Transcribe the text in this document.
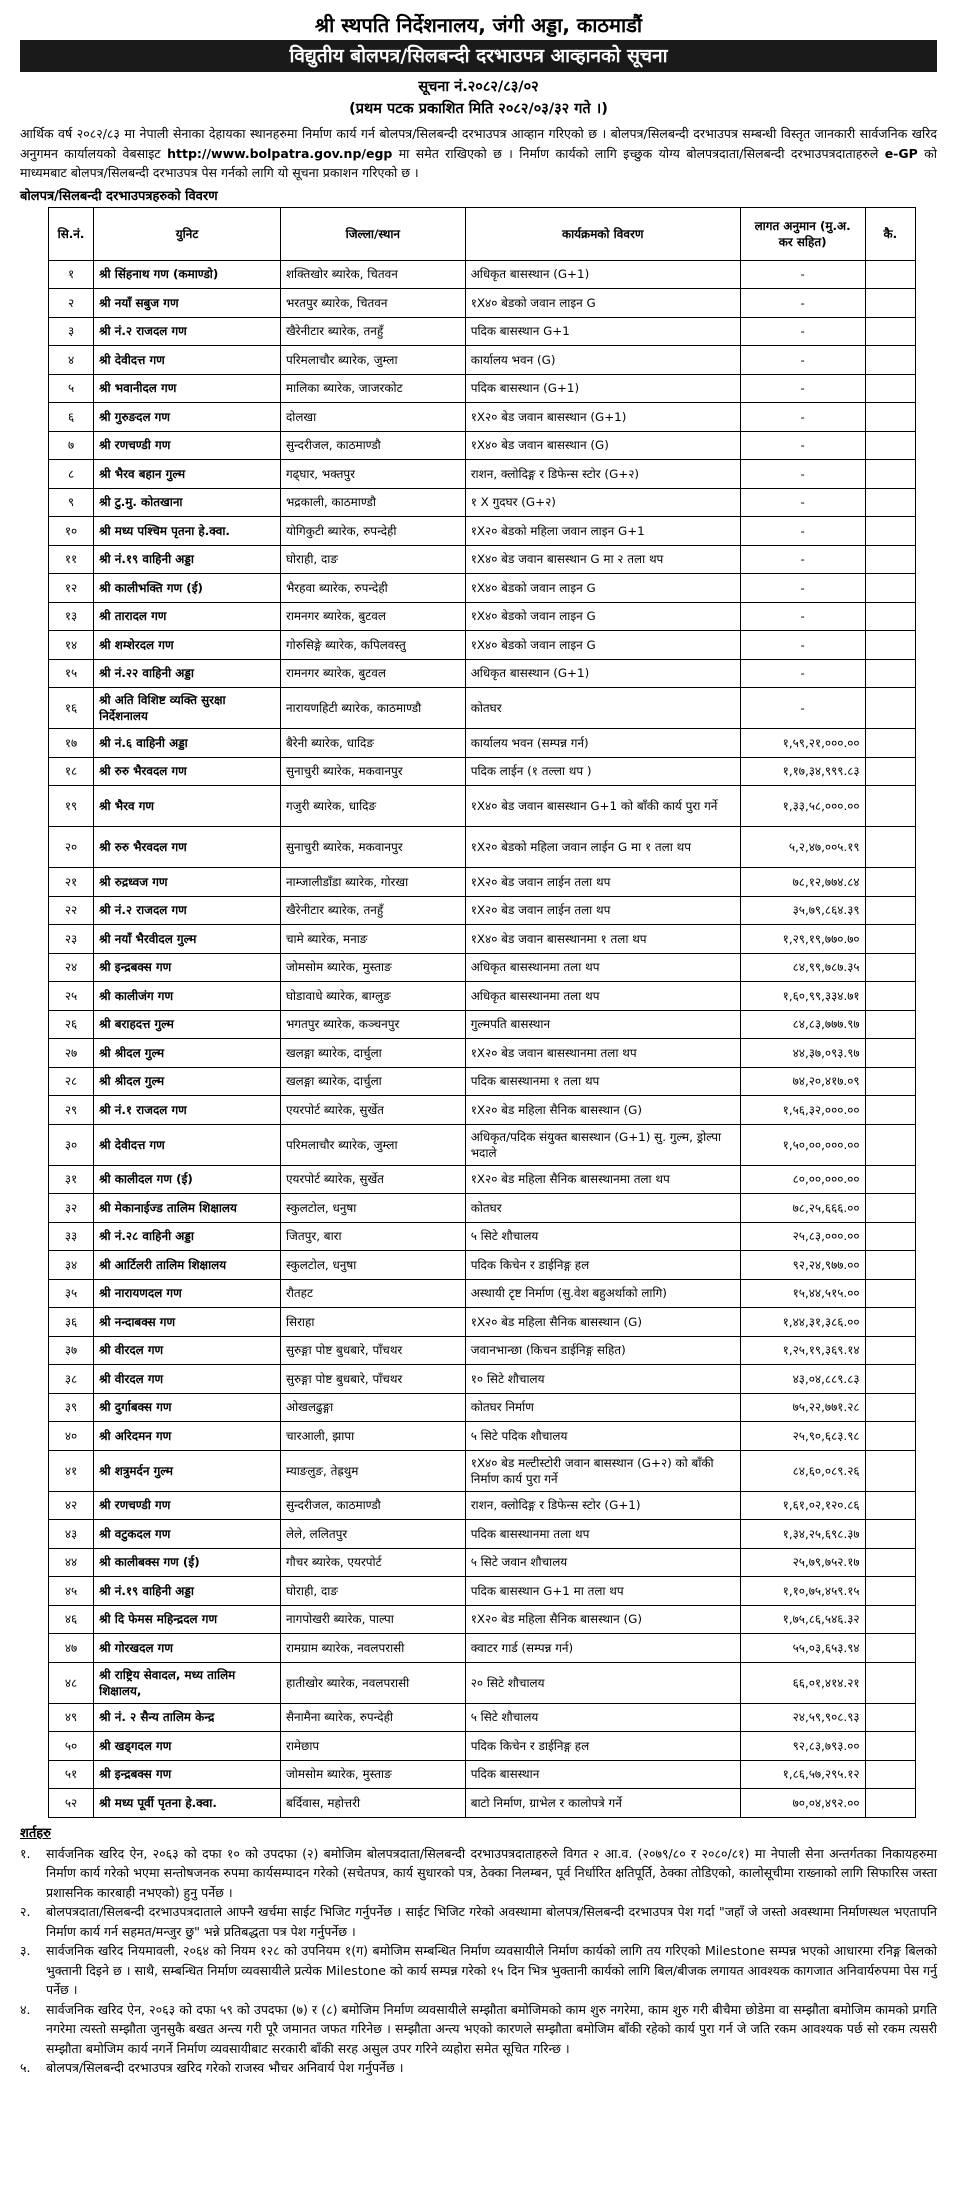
श्री स्थपति निर्देशनालय, जंगी अड्डा, काठमाडौं
विद्युतीय बोलपत्र/सिलबन्दी दरभाउपत्र आव्हानको सूचना
सूचना नं.२०८२/८३/०२
(प्रथम पटक प्रकाशित मिति २०८२/०३/३२ गते ।)
आर्थिक वर्ष २०८२/८३ मा नेपाली सेनाका देहायका स्थानहरुमा निर्माण कार्य गर्न बोलपत्र/सिलबन्दी दरभाउपत्र आव्हान गरिएको छ । बोलपत्र/सिलबन्दी दरभाउपत्र सम्बन्धी विस्तृत जानकारी सार्वजनिक खरिद अनुगमन कार्यालयको वेबसाइट http://www.bolpatra.gov.np/egp मा समेत राखिएको छ । निर्माण कार्यको लागि इच्छुक योग्य बोलपत्रदाता/सिलबन्दी दरभाउपत्रदाताहरुले e-GP को माध्यमबाट बोलपत्र/सिलबन्दी दरभाउपत्र पेस गर्नको लागि यो सूचना प्रकाशन गरिएको छ ।
बोलपत्र/सिलबन्दी दरभाउपत्रहरुको विवरण
सि.नं.	युनिट	जिल्ला/स्थान	कार्यक्रमको विवरण	लागत अनुमान (मु.अ. कर सहित)	कै.
१	श्री सिंहनाथ गण (कमाण्डो)	शक्तिखोर ब्यारेक, चितवन	अधिकृत बासस्थान (G+1)	-	
२	श्री नयाँ सबुज गण	भरतपुर ब्यारेक, चितवन	१X४० बेडको जवान लाइन G	-	
३	श्री नं.२ राजदल गण	खैरेनीटार ब्यारेक, तनहुँ	पदिक बासस्थान G+1	-	
४	श्री देवीदत्त गण	परिमलाचौर ब्यारेक, जुम्ला	कार्यालय भवन (G)	-	
५	श्री भवानीदल गण	मालिका ब्यारेक, जाजरकोट	पदिक बासस्थान (G+1)	-	
६	श्री गुरुङदल गण	दोलखा	१X२० बेड जवान बासस्थान (G+1)	-	
७	श्री रणचण्डी गण	सुन्दरीजल, काठमाण्डौ	१X४० बेड जवान बासस्थान (G)	-	
८	श्री भैरव बहान गुल्म	गढ्घार, भक्तपुर	राशन, क्लोदिङ्ग र डिफेन्स स्टोर (G+२)	-	
९	श्री टु.मु. कोतखाना	भद्रकाली, काठमाण्डौ	१ X गुदघर (G+२)	-	
१०	श्री मध्य पश्चिम पृतना हे.क्वा.	योगिकुटी ब्यारेक, रुपन्देही	१X२० बेडको महिला जवान लाइन G+1	-	
११	श्री नं.१९ वाहिनी अड्डा	घोराही, दाङ	१X४० बेड जवान बासस्थान G मा २ तला थप	-	
१२	श्री कालीभक्ति गण (ई)	भैरहवा ब्यारेक, रुपन्देही	१X४० बेडको जवान लाइन G	-	
१३	श्री तारादल गण	रामनगर ब्यारेक, बुटवल	१X४० बेडको जवान लाइन G	-	
१४	श्री शम्शेरदल गण	गोरुसिङ्गे ब्यारेक, कपिलवस्तु	१X४० बेडको जवान लाइन G	-	
१५	श्री नं.२२ वाहिनी अड्डा	रामनगर ब्यारेक, बुटवल	अधिकृत बासस्थान (G+1)	-	
१६	श्री अति विशिष्ट व्यक्ति सुरक्षा निर्देशनालय	नारायणहिटी ब्यारेक, काठमाण्डौ	कोतघर	-	
१७	श्री नं.६ वाहिनी अड्डा	बैरेनी ब्यारेक, धादिङ	कार्यालय भवन (सम्पन्न गर्न)	१,५९,२१,०००.००	
१८	श्री रुरु भैरवदल गण	सुनाचुरी ब्यारेक, मकवानपुर	पदिक लाईन (१ तल्ला थप )	१,१७,३४,९९९.८३	
१९	श्री भैरव गण	गजुरी ब्यारेक, धादिङ	१X४० बेड जवान बासस्थान G+1 को बाँकी कार्य पुरा गर्ने	१,३३,५८,०००.००	
२०	श्री रुरु भैरवदल गण	सुनाचुरी ब्यारेक, मकवानपुर	१X२० बेडको महिला जवान लाईन G मा १ तला थप	५,२,४७,००५.१९	
२१	श्री रुद्रध्वज गण	नाम्जालीडाँडा ब्यारेक, गोरखा	१X२० बेड जवान लाईन तला थप	७८,१२,७७४.८४	
२२	श्री नं.२ राजदल गण	खैरेनीटार ब्यारेक, तनहुँ	१X२० बेड जवान लाईन तला थप	३५,७९,८६४.३९	
२३	श्री नयाँ भैरवीदल गुल्म	चामे ब्यारेक, मनाङ	१X४० बेड जवान बासस्थानमा १ तला थप	१,२९,१९,७७०.७०	
२४	श्री इन्द्रबक्स गण	जोमसोम ब्यारेक, मुस्ताङ	अधिकृत बासस्थानमा तला थप	८४,९९,७८७.३५	
२५	श्री कालीजंग गण	घोडावाधे ब्यारेक, बाग्लुङ	अधिकृत बासस्थानमा तला थप	१,६०,९९,३३४.७१	
२६	श्री बराहदत्त गुल्म	भगतपुर ब्यारेक, कञ्चनपुर	गुल्मपति बासस्थान	८४,८३,७७७.९७	
२७	श्री श्रीदल गुल्म	खलङ्गा ब्यारेक, दार्चुला	१X२० बेड जवान बासस्थानमा तला थप	४४,३७,०९३.९७	
२८	श्री श्रीदल गुल्म	खलङ्गा ब्यारेक, दार्चुला	पदिक बासस्थानमा १ तला थप	७४,२०,४१७.०९	
२९	श्री नं.१ राजदल गण	एयरपोर्ट ब्यारेक, सुर्खेत	१X२० बेड महिला सैनिक बासस्थान (G)	१,५६,३२,०००.००	
३०	श्री देवीदत्त गण	परिमलाचौर ब्यारेक, जुम्ला	अधिकृत/पदिक संयुक्त बासस्थान (G+1) सु. गुल्म, ड्रोल्पा भदाले	१,५०,००,०००.००	
३१	श्री कालीदल गण (ई)	एयरपोर्ट ब्यारेक, सुर्खेत	१X२० बेड महिला सैनिक बासस्थानमा तला थप	८०,००,०००.००	
३२	श्री मेकानाईज्ड तालिम शिक्षालय	स्कुलटोल, धनुषा	कोतघर	७८,२५,६६६.००	
३३	श्री नं.२८ वाहिनी अड्डा	जितपुर, बारा	५ सिटे शौचालय	२५,८३,०००.००	
३४	श्री आर्टिलरी तालिम शिक्षालय	स्कुलटोल, धनुषा	पदिक किचेन र डाईनिङ्ग हल	९२,२४,९७७.००	
३५	श्री नारायणदल गण	रौतहट	अस्थायी टृष्ट निर्माण (सु.वेश बहुअर्थाको लागि)	१५,४४,५१५.००	
३६	श्री नन्दाबक्स गण	सिराहा	१X२० बेड महिला सैनिक बासस्थान (G)	१,४४,३१,३८६.००	
३७	श्री वीरदल गण	सुरुङ्गा पोष्ट बुधबारे, पाँचथर	जवानभान्छा (किचन डाईनिङ्ग सहित)	१,२५,१९,३६९.१४	
३८	श्री वीरदल गण	सुरुङ्गा पोष्ट बुधबारे, पाँचथर	१० सिटे शौचालय	४३,०४,८८९.८३	
३९	श्री दुर्गाबक्स गण	ओखलढुङ्गा	कोतघर निर्माण	७५,२२,७७१.२८	
४०	श्री अरिदमन गण	चारआली, झापा	५ सिटे पदिक शौचालय	२५,९०,६८३.९८	
४१	श्री शत्रुमर्दन गुल्म	म्याङलुङ, तेह्रथुम	१X४० बेड मल्टीस्टोरी जवान बासस्थान (G+२) को बाँकी निर्माण कार्य पुरा गर्ने	८४,६०,०८९.२६	
४२	श्री रणचण्डी गण	सुन्दरीजल, काठमाण्डौ	राशन, क्लोदिङ्ग र डिफेन्स स्टोर (G+1)	१,६१,०२,१२०.८६	
४३	श्री वटुकदल गण	लेले, ललितपुर	पदिक बासस्थानमा तला थप	१,३४,२५,६९८.३७	
४४	श्री कालीबक्स गण (ई)	गौचर ब्यारेक, एयरपोर्ट	५ सिटे जवान शौचालय	२५,७९,७५२.१७	
४५	श्री नं.१९ वाहिनी अड्डा	घोराही, दाङ	पदिक बासस्थान G+1 मा तला थप	१,१०,७५,४५९.१५	
४६	श्री दि फेमस महिन्द्रदल गण	नागपोखरी ब्यारेक, पाल्पा	१X२० बेड महिला सैनिक बासस्थान (G)	१,७५,८६,५४६.३२	
४७	श्री गोरखदल गण	रामग्राम ब्यारेक, नवलपरासी	क्वाटर गार्ड (सम्पन्न गर्न)	५५,०३,६५३.९४	
४८	श्री राष्ट्रिय सेवादल, मध्य तालिम शिक्षालय,	हातीखोर ब्यारेक, नवलपरासी	२० सिटे शौचालय	६६,०१,४१४.२१	
४९	श्री नं. २ सैन्य तालिम केन्द्र	सैनामैना ब्यारेक, रुपन्देही	५ सिटे शौचालय	२४,५९,९०८.९३	
५०	श्री खड्गदल गण	रामेछाप	पदिक किचेन र डाईनिङ्ग हल	९२,८३,७९३.००	
५१	श्री इन्द्रबक्स गण	जोमसोम ब्यारेक, मुस्ताङ	पदिक बासस्थान	१,८६,५७,२९५.१२	
५२	श्री मध्य पूर्वी पृतना हे.क्वा.	बर्दिवास, महोत्तरी	बाटो निर्माण, ग्राभेल र कालोपत्रे गर्ने	७०,०४,४९२.००	
शर्तहरु
१.	सार्वजनिक खरिद ऐन, २०६३ को दफा १० को उपदफा (२) बमोजिम बोलपत्रदाता/सिलबन्दी दरभाउपत्रदाताहरुले विगत २ आ.व. (२०७९/८० र २०८०/८१) मा नेपाली सेना अन्तर्गतका निकायहरुमा निर्माण कार्य गरेको भएमा सन्तोषजनक रुपमा कार्यसम्पादन गरेको (सचेतपत्र, कार्य सुधारको पत्र, ठेक्का निलम्बन, पूर्व निर्धारित क्षतिपूर्ति, ठेक्का तोडिएको, कालोसूचीमा राख्नाको लागि सिफारिस जस्ता प्रशासनिक कारबाही नभएको) हुनु पर्नेछ ।
२.	बोलपत्रदाता/सिलबन्दी दरभाउपत्रदाताले आफ्नै खर्चमा साईट भिजिट गर्नुपर्नेछ । साईट भिजिट गरेको अवस्थामा बोलपत्र/सिलबन्दी दरभाउपत्र पेश गर्दा "जहाँ जे जस्तो अवस्थामा निर्माणस्थल भएतापनि निर्माण कार्य गर्न सहमत/मन्जुर छु" भन्ने प्रतिबद्धता पत्र पेश गर्नुपर्नेछ ।
३.	सार्वजनिक खरिद नियमावली, २०६४ को नियम १२८ को उपनियम १(ग) बमोजिम सम्बन्धित निर्माण व्यवसायीले निर्माण कार्यको लागि तय गरिएको Milestone सम्पन्न भएको आधारमा रनिङ्ग बिलको भुक्तानी दिइने छ । साथै, सम्बन्धित निर्माण व्यवसायीले प्रत्येक Milestone को कार्य सम्पन्न गरेको १५ दिन भित्र भुक्तानी कार्यको लागि बिल/बीजक लगायत आवश्यक कागजात अनिवार्यरुपमा पेस गर्नु पर्नेछ ।
४.	सार्वजनिक खरिद ऐन, २०६३ को दफा ५९ को उपदफा (७) र (८) बमोजिम निर्माण व्यवसायीले सम्झौता बमोजिमको काम शुरु नगरेमा, काम शुरु गरी बीचैमा छोडेमा वा सम्झौता बमोजिम कामको प्रगति नगरेमा त्यस्तो सम्झौता जुनसुकै बखत अन्त्य गरी पूरै जमानत जफत गरिनेछ । सम्झौता अन्त्य भएको कारणले सम्झौता बमोजिम बाँकी रहेको कार्य पुरा गर्न जे जति रकम आवश्यक पर्छ सो रकम त्यसरी सम्झौता बमोजिम कार्य नगर्ने निर्माण व्यवसायीबाट सरकारी बाँकी सरह असुल उपर गरिने व्यहोरा समेत सूचित गरिन्छ ।
५.	बोलपत्र/सिलबन्दी दरभाउपत्र खरिद गरेको राजस्व भौचर अनिवार्य पेश गर्नुपर्नेछ ।
